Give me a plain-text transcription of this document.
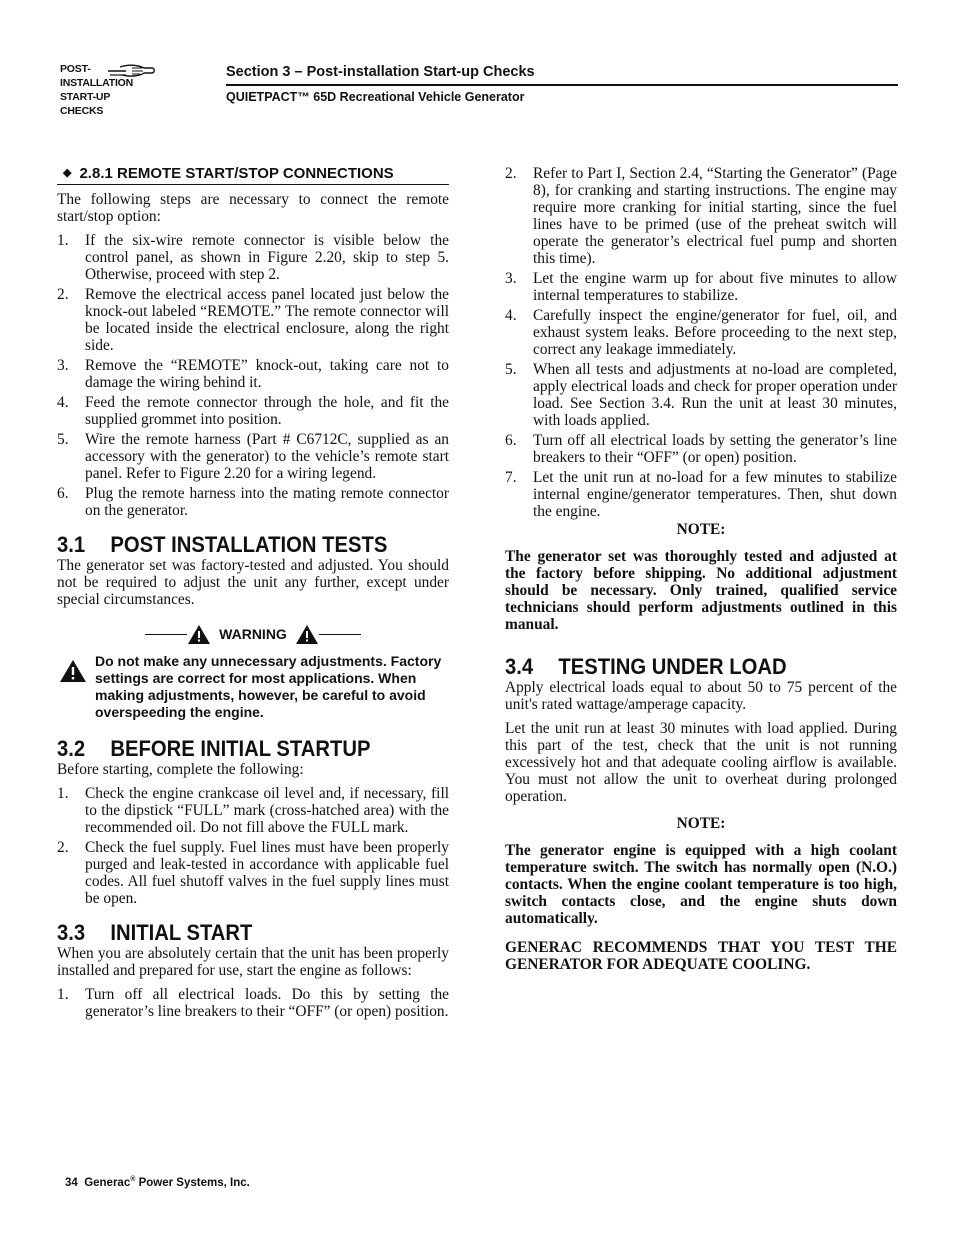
POST-
INSTALLATION
START-UP
CHECKS
Section 3 – Post-installation Start-up Checks
QUIETPACT™ 65D Recreational Vehicle Generator
◆ 2.8.1 REMOTE START/STOP CONNECTIONS

The following steps are necessary to connect the remote start/stop option:

1. If the six-wire remote connector is visible below the control panel, as shown in Figure 2.20, skip to step 5. Otherwise, proceed with step 2.
2. Remove the electrical access panel located just below the knock-out labeled “REMOTE.” The remote connector will be located inside the electrical enclosure, along the right side.
3. Remove the “REMOTE” knock-out, taking care not to damage the wiring behind it.
4. Feed the remote connector through the hole, and fit the supplied grommet into position.
5. Wire the remote harness (Part # C6712C, supplied as an accessory with the generator) to the vehicle’s remote start panel. Refer to Figure 2.20 for a wiring legend.
6. Plug the remote harness into the mating remote connector on the generator.
3.1 POST INSTALLATION TESTS

The generator set was factory-tested and adjusted. You should not be required to adjust the unit any further, except under special circumstances.

WARNING
Do not make any unnecessary adjustments. Factory settings are correct for most applications. When making adjustments, however, be careful to avoid overspeeding the engine.
3.2 BEFORE INITIAL STARTUP

Before starting, complete the following:

1. Check the engine crankcase oil level and, if necessary, fill to the dipstick “FULL” mark (cross-hatched area) with the recommended oil. Do not fill above the FULL mark.
2. Check the fuel supply. Fuel lines must have been properly purged and leak-tested in accordance with applicable fuel codes. All fuel shutoff valves in the fuel supply lines must be open.
3.3 INITIAL START

When you are absolutely certain that the unit has been properly installed and prepared for use, start the engine as follows:

1. Turn off all electrical loads. Do this by setting the generator’s line breakers to their “OFF” (or open) position.
2. Refer to Part I, Section 2.4, “Starting the Generator” (Page 8), for cranking and starting instructions. The engine may require more cranking for initial starting, since the fuel lines have to be primed (use of the preheat switch will operate the generator’s electrical fuel pump and shorten this time).
3. Let the engine warm up for about five minutes to allow internal temperatures to stabilize.
4. Carefully inspect the engine/generator for fuel, oil, and exhaust system leaks. Before proceeding to the next step, correct any leakage immediately.
5. When all tests and adjustments at no-load are completed, apply electrical loads and check for proper operation under load. See Section 3.4. Run the unit at least 30 minutes, with loads applied.
6. Turn off all electrical loads by setting the generator’s line breakers to their “OFF” (or open) position.
7. Let the unit run at no-load for a few minutes to stabilize internal engine/generator temperatures. Then, shut down the engine.
NOTE:
The generator set was thoroughly tested and adjusted at the factory before shipping. No additional adjustment should be necessary. Only trained, qualified service technicians should perform adjustments outlined in this manual.
3.4 TESTING UNDER LOAD

Apply electrical loads equal to about 50 to 75 percent of the unit's rated wattage/amperage capacity.

Let the unit run at least 30 minutes with load applied. During this part of the test, check that the unit is not running excessively hot and that adequate cooling airflow is available. You must not allow the unit to overheat during prolonged operation.

NOTE:
The generator engine is equipped with a high coolant temperature switch. The switch has normally open (N.O.) contacts. When the engine coolant temperature is too high, switch contacts close, and the engine shuts down automatically.
GENERAC RECOMMENDS THAT YOU TEST THE GENERATOR FOR ADEQUATE COOLING.
34 Generac® Power Systems, Inc.
